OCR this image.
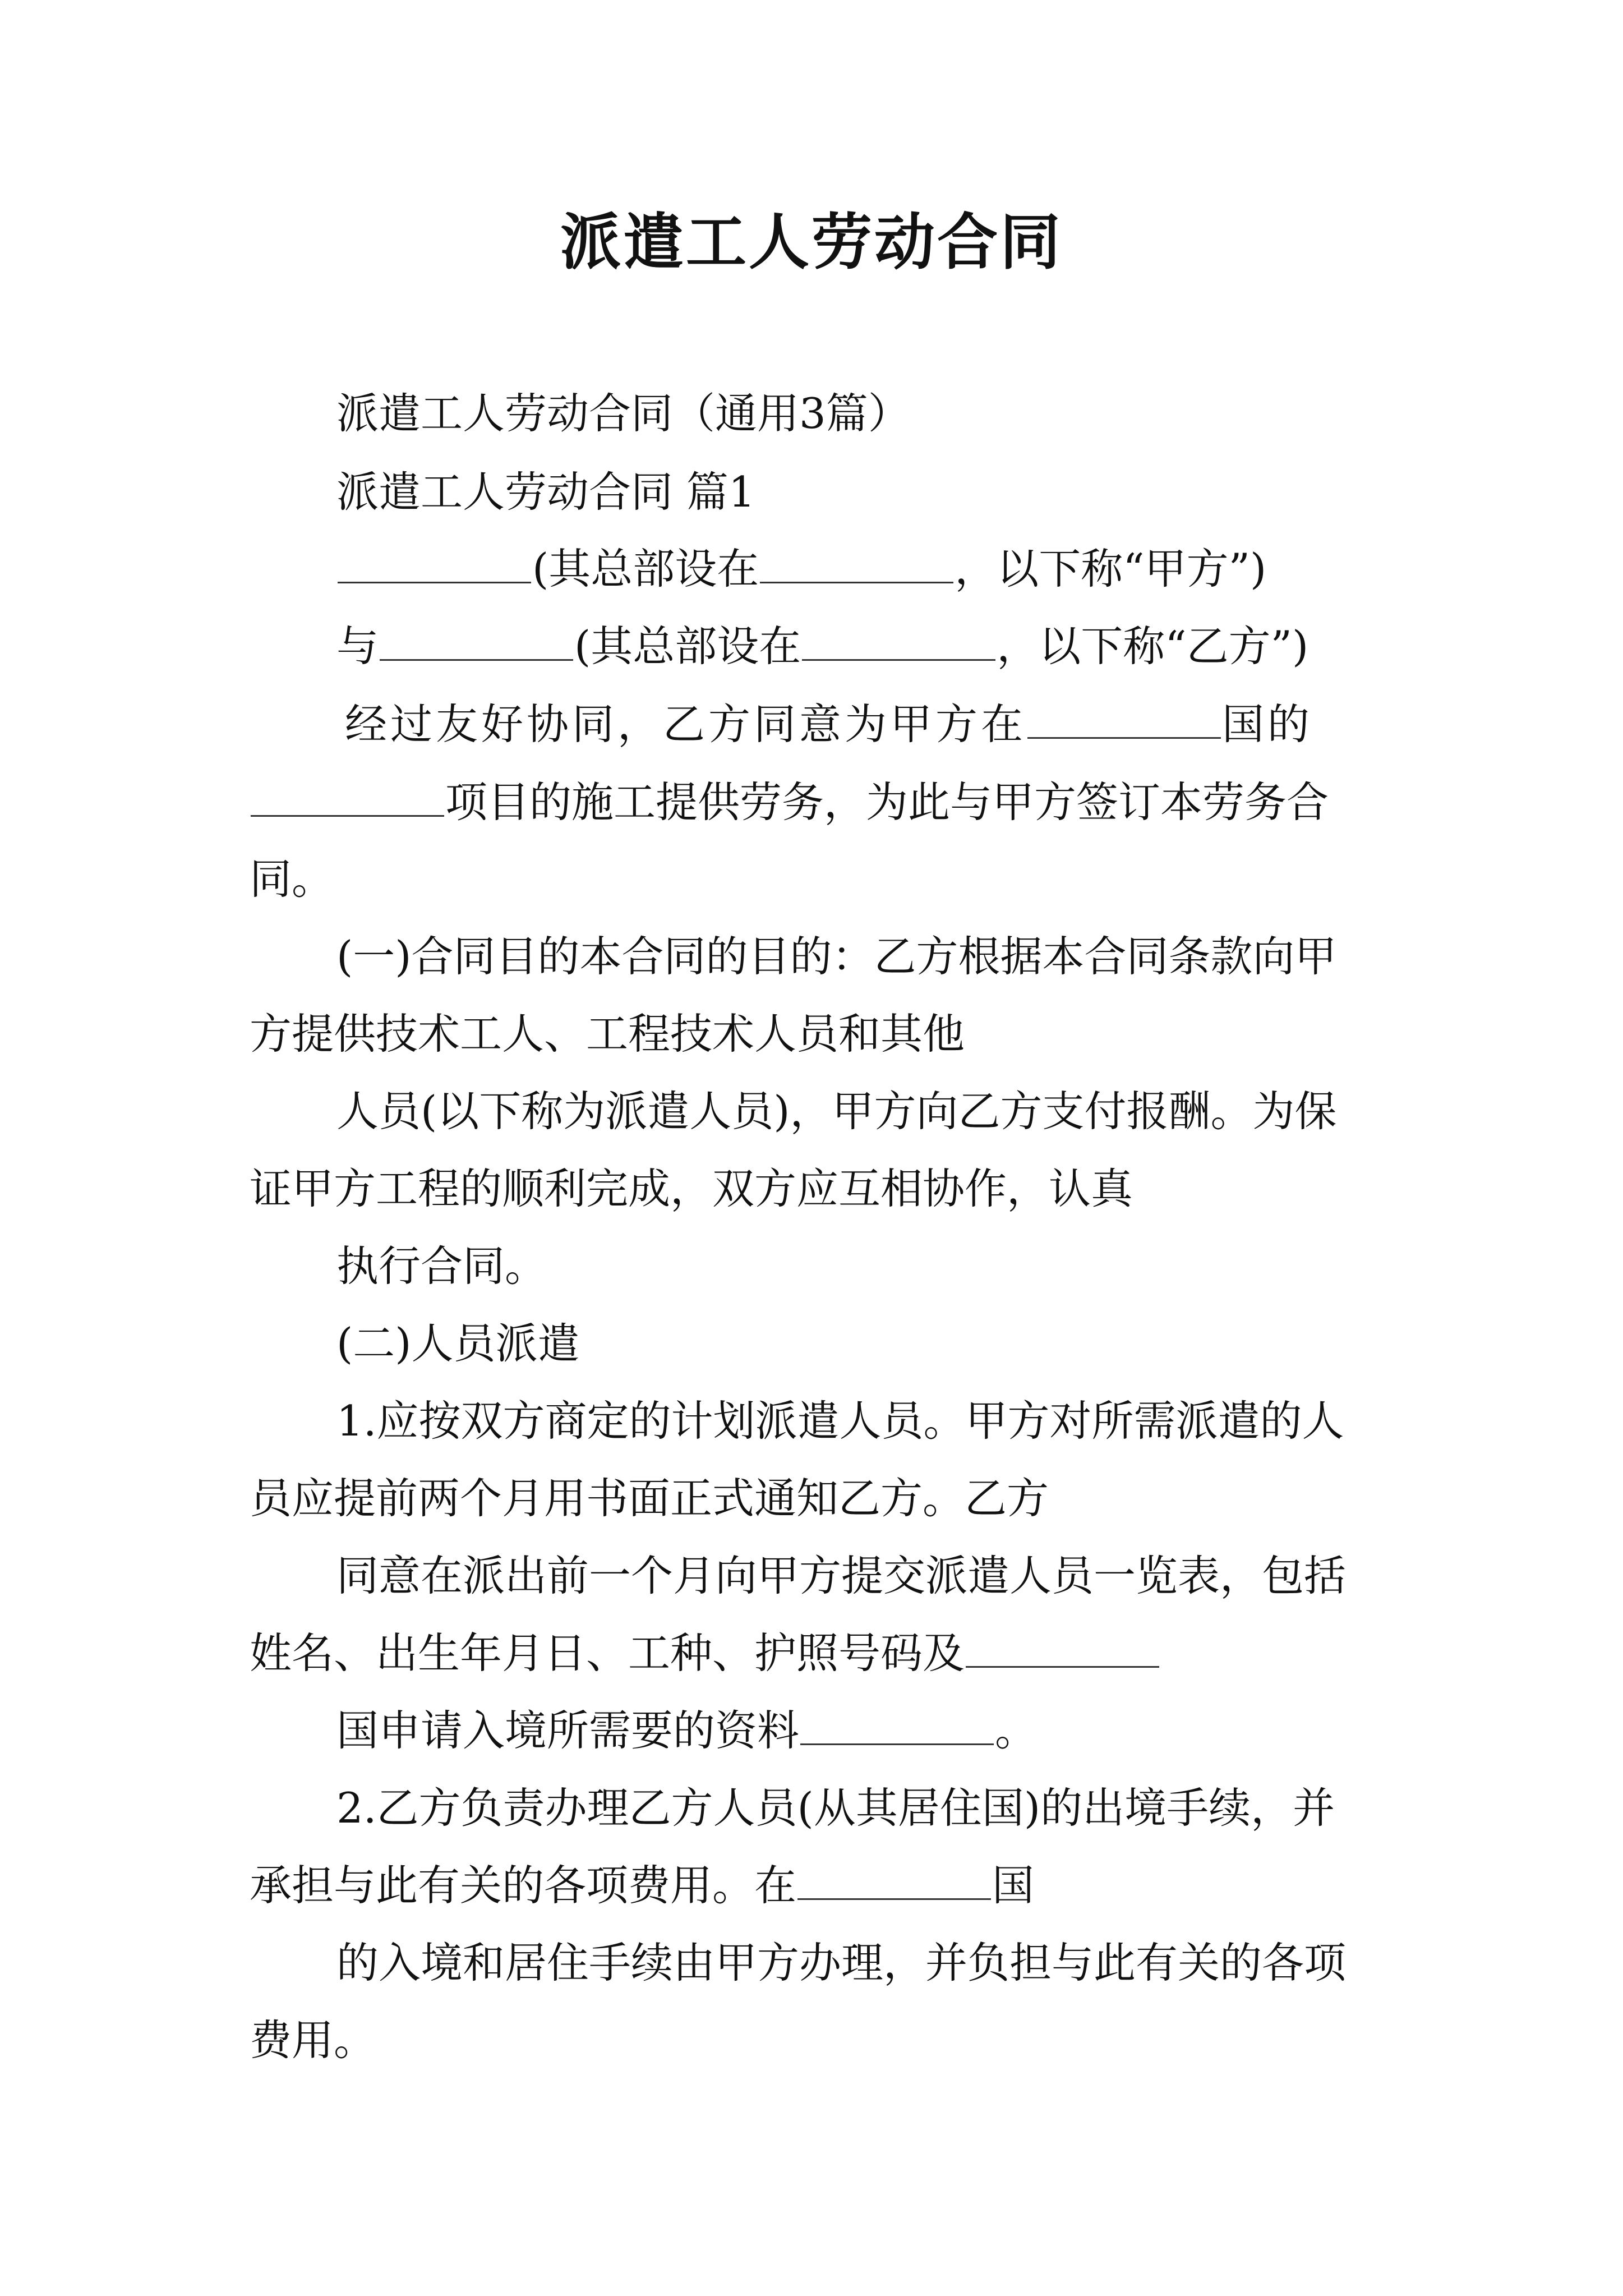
派遣工人劳动合同
派遣工人劳动合同（通用3篇）
派遣工人劳动合同 篇1
(其总部设在	，以下称“甲方”)
与	(其总部设在	，以下称“乙方”)
经过友好协同，乙方同意为甲方在	国的
项目的施工提供劳务，为此与甲方签订本劳务合
同。
(一)合同目的本合同的目的：乙方根据本合同条款向甲
方提供技术工人、工程技术人员和其他
人员(以下称为派遣人员)，甲方向乙方支付报酬。为保
证甲方工程的顺利完成，双方应互相协作，认真
执行合同。
(二)人员派遣
1.应按双方商定的计划派遣人员。甲方对所需派遣的人
员应提前两个月用书面正式通知乙方。乙方
同意在派出前一个月向甲方提交派遣人员一览表，包括
姓名、出生年月日、工种、护照号码及
国申请入境所需要的资料	。
2.乙方负责办理乙方人员(从其居住国)的出境手续，并
承担与此有关的各项费用。在	国
的入境和居住手续由甲方办理，并负担与此有关的各项
费用。
